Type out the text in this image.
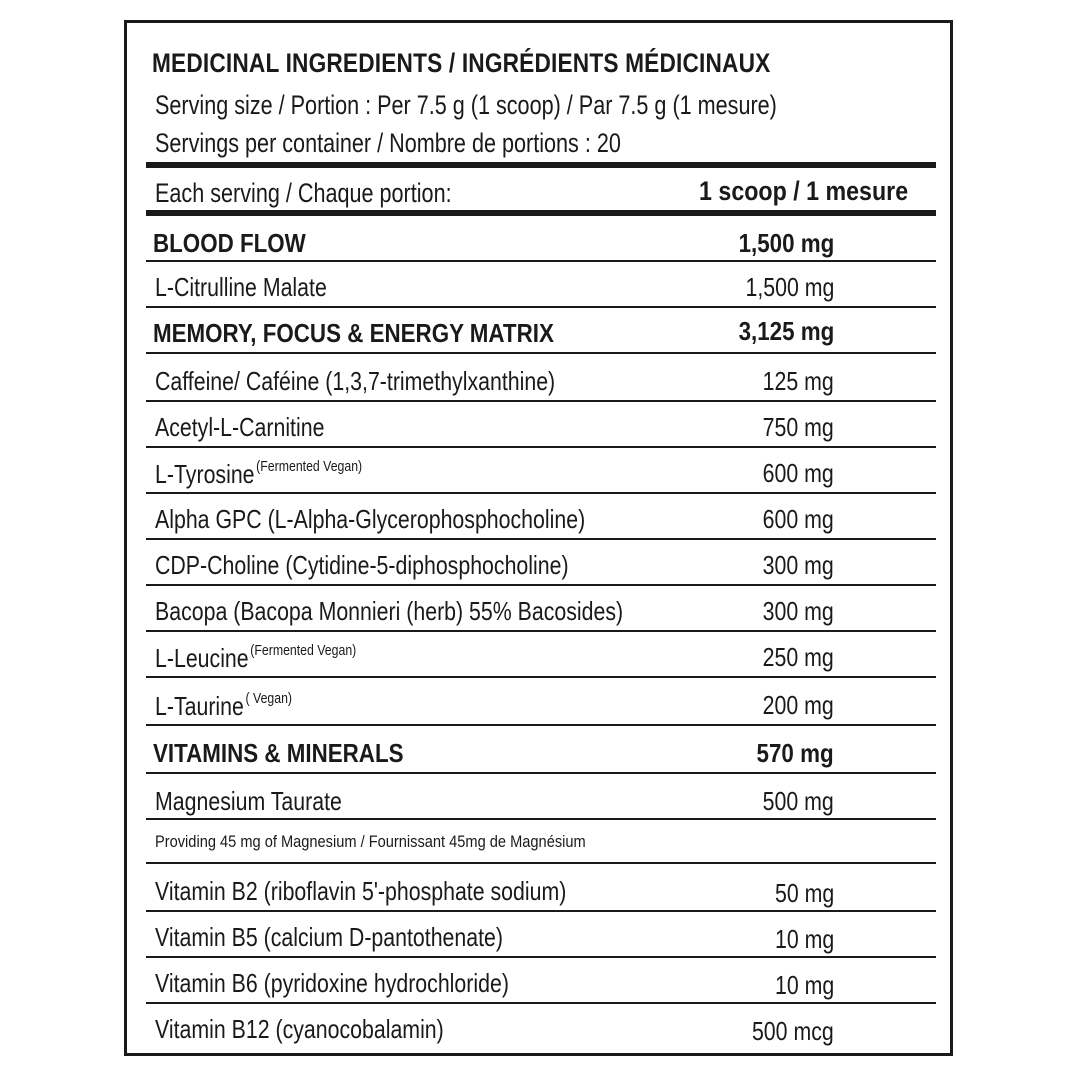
MEDICINAL INGREDIENTS / INGRÉDIENTS MÉDICINAUX
Serving size / Portion : Per 7.5 g (1 scoop) / Par 7.5 g (1 mesure)
Servings per container / Nombre de portions : 20
Each serving / Chaque portion:	1 scoop / 1 mesure
BLOOD FLOW	1,500 mg
L-Citrulline Malate	1,500 mg
MEMORY, FOCUS & ENERGY MATRIX	3,125 mg
Caffeine/ Caféine (1,3,7-trimethylxanthine)	125 mg
Acetyl-L-Carnitine	750 mg
L-Tyrosine $^{(Fermented Vegan)}$	600 mg
Alpha GPC (L-Alpha-Glycerophosphocholine)	600 mg
CDP-Choline (Cytidine-5-diphosphocholine)	300 mg
Bacopa (Bacopa Monnieri (herb) 55% Bacosides)	300 mg
L-Leucine $^{(Fermented Vegan)}$	250 mg
L-Taurine $^{( Vegan)}$	200 mg
VITAMINS & MINERALS	570 mg
Magnesium Taurate	500 mg
Providing 45 mg of Magnesium / Fournissant 45mg de Magnésium
Vitamin B2 (riboflavin 5'-phosphate sodium)	50 mg
Vitamin B5 (calcium D-pantothenate)	10 mg
Vitamin B6 (pyridoxine hydrochloride)	10 mg
Vitamin B12 (cyanocobalamin)	500 mcg
